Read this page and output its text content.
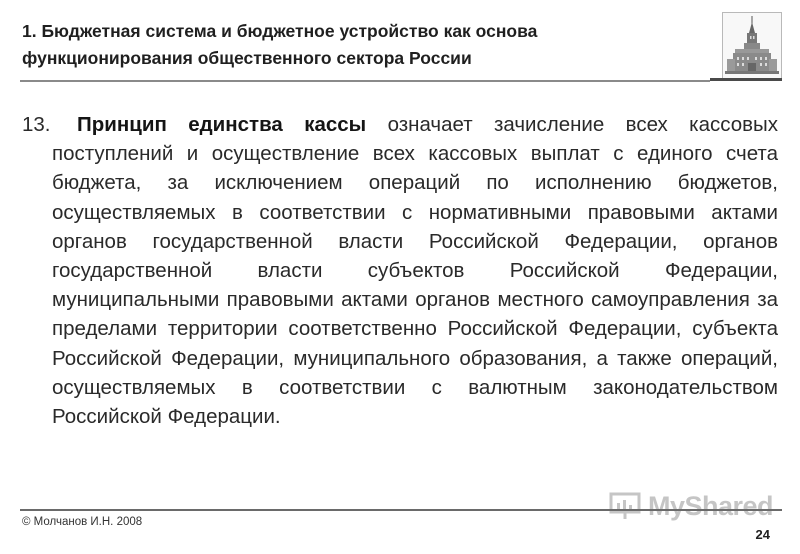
1. Бюджетная система и бюджетное устройство как основа
функционирования общественного сектора России
13. Принцип единства кассы означает зачисление всех кассовых поступлений и осуществление всех кассовых выплат с единого счета бюджета, за исключением операций по исполнению бюджетов, осуществляемых в соответствии с нормативными правовыми актами органов государственной власти Российской Федерации, органов государственной власти субъектов Российской Федерации, муниципальными правовыми актами органов местного самоуправления за пределами территории соответственно Российской Федерации, субъекта Российской Федерации, муниципального образования, а также операций, осуществляемых в соответствии с валютным законодательством Российской Федерации.
© Молчанов И.Н. 2008
MyShared
24
